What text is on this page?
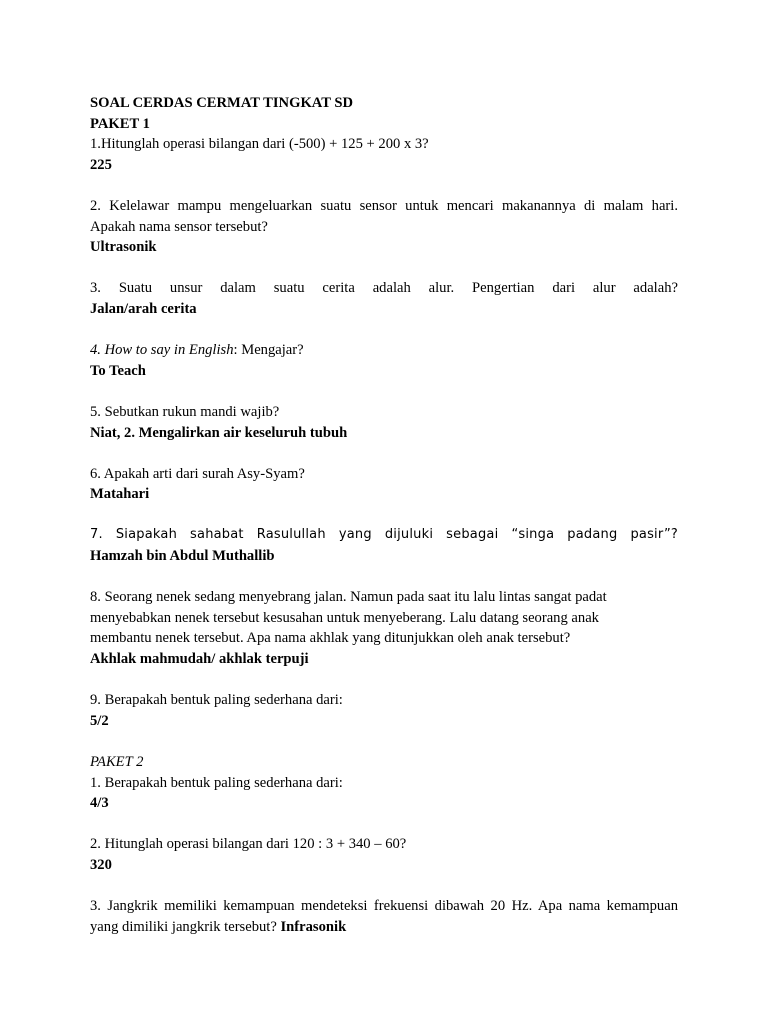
SOAL CERDAS CERMAT TINGKAT SD

PAKET 1

1.Hitunglah operasi bilangan dari (-500) + 125 + 200 x 3?

225

2. Kelelawar mampu mengeluarkan suatu sensor untuk mencari makanannya di malam hari.

Apakah nama sensor tersebut?

Ultrasonik

3. Suatu unsur dalam suatu cerita adalah alur. Pengertian dari alur adalah?

Jalan/arah cerita

4. How to say in English: Mengajar?

To Teach

5. Sebutkan rukun mandi wajib?

Niat, 2. Mengalirkan air keseluruh tubuh

6. Apakah arti dari surah Asy-Syam?

Matahari

7. Siapakah sahabat Rasulullah yang dijuluki sebagai “singa padang pasir”?

Hamzah bin Abdul Muthallib

8. Seorang nenek sedang menyebrang jalan. Namun pada saat itu lalu lintas sangat padat

menyebabkan nenek tersebut kesusahan untuk menyeberang. Lalu datang seorang anak

membantu nenek tersebut. Apa nama akhlak yang ditunjukkan oleh anak tersebut?

Akhlak mahmudah/ akhlak terpuji

9. Berapakah bentuk paling sederhana dari:

5/2

PAKET 2

1. Berapakah bentuk paling sederhana dari:

4/3

2. Hitunglah operasi bilangan dari 120 : 3 + 340 – 60?

320

3. Jangkrik memiliki kemampuan mendeteksi frekuensi dibawah 20 Hz. Apa nama kemampuan

yang dimiliki jangkrik tersebut? Infrasonik
